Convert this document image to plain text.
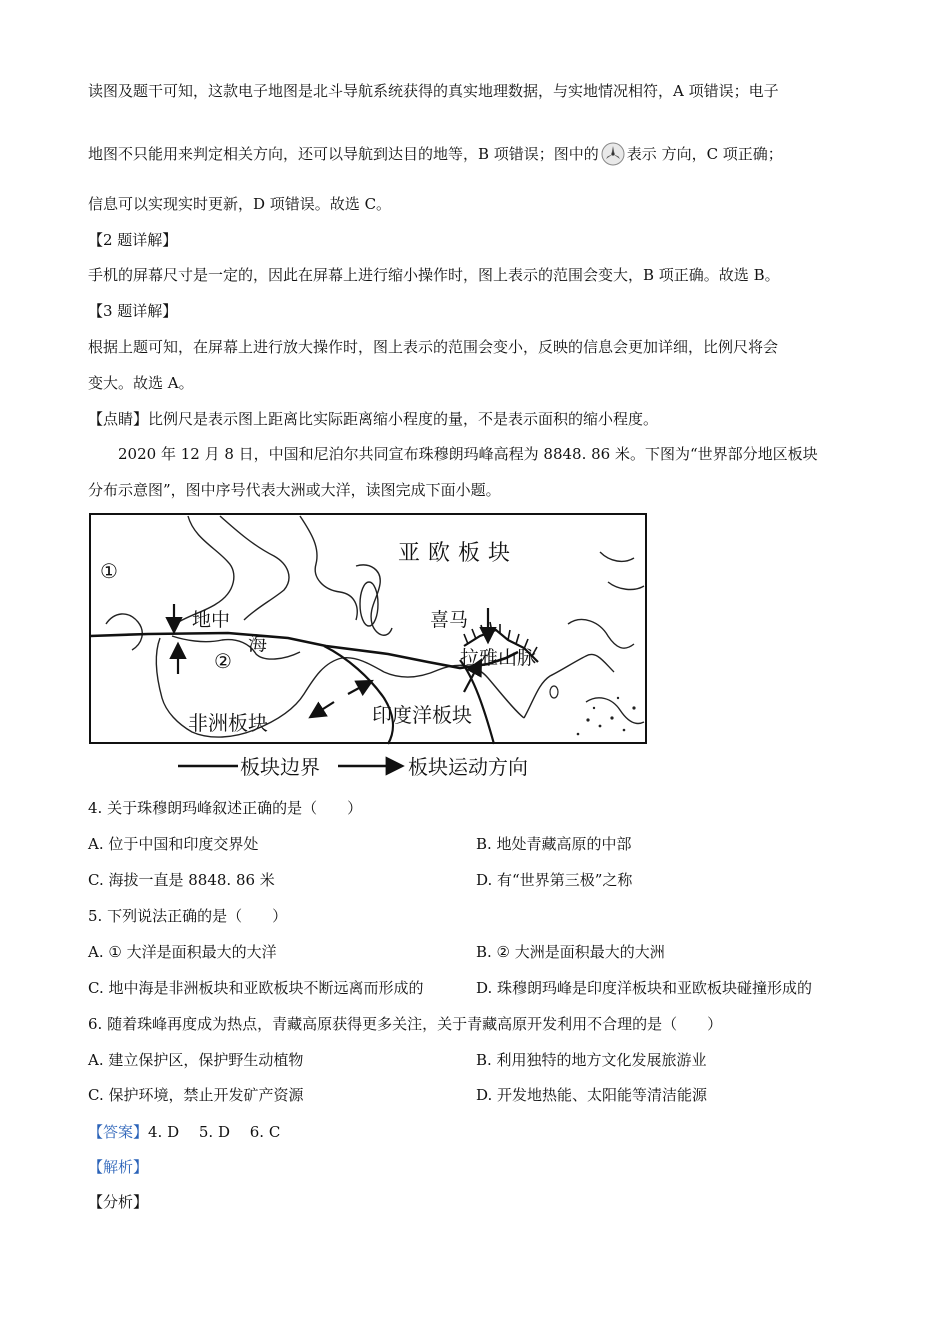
读图及题干可知，这款电子地图是北斗导航系统获得的真实地理数据，与实地情况相符，A 项错误；电子
地图不只能用来判定相关方向，还可以导航到达目的地等，B 项错误；图中的 表示 方向，C 项正确；
信息可以实现实时更新，D 项错误。故选 C。
【2 题详解】
手机的屏幕尺寸是一定的，因此在屏幕上进行缩小操作时，图上表示的范围会变大，B 项正确。故选 B。
【3 题详解】
根据上题可知，在屏幕上进行放大操作时，图上表示的范围会变小，反映的信息会更加详细，比例尺将会
变大。故选 A。
【点睛】比例尺是表示图上距离比实际距离缩小程度的量，不是表示面积的缩小程度。
2020 年 12 月 8 日，中国和尼泊尔共同宣布珠穆朗玛峰高程为 8848. 86 米。下图为“世界部分地区板块
分布示意图”，图中序号代表大洲或大洋，读图完成下面小题。
①
②
亚欧板块
非洲板块	印度洋板块
地中
海
喜马
拉雅山脉
板块边界	板块运动方向
4. 关于珠穆朗玛峰叙述正确的是（　　）
A. 位于中国和印度交界处	B. 地处青藏高原的中部
C. 海拔一直是 8848. 86 米	D. 有“世界第三极”之称
5. 下列说法正确的是（　　）
A. ① 大洋是面积最大的大洋	B. ② 大洲是面积最大的大洲
C. 地中海是非洲板块和亚欧板块不断远离而形成的	D. 珠穆朗玛峰是印度洋板块和亚欧板块碰撞形成的
6. 随着珠峰再度成为热点，青藏高原获得更多关注，关于青藏高原开发利用不合理的是（　　）
A. 建立保护区，保护野生动植物	B. 利用独特的地方文化发展旅游业
C. 保护环境，禁止开发矿产资源	D. 开发地热能、太阳能等清洁能源
【答案】4. D　 5. D　 6. C
【解析】
【分析】
